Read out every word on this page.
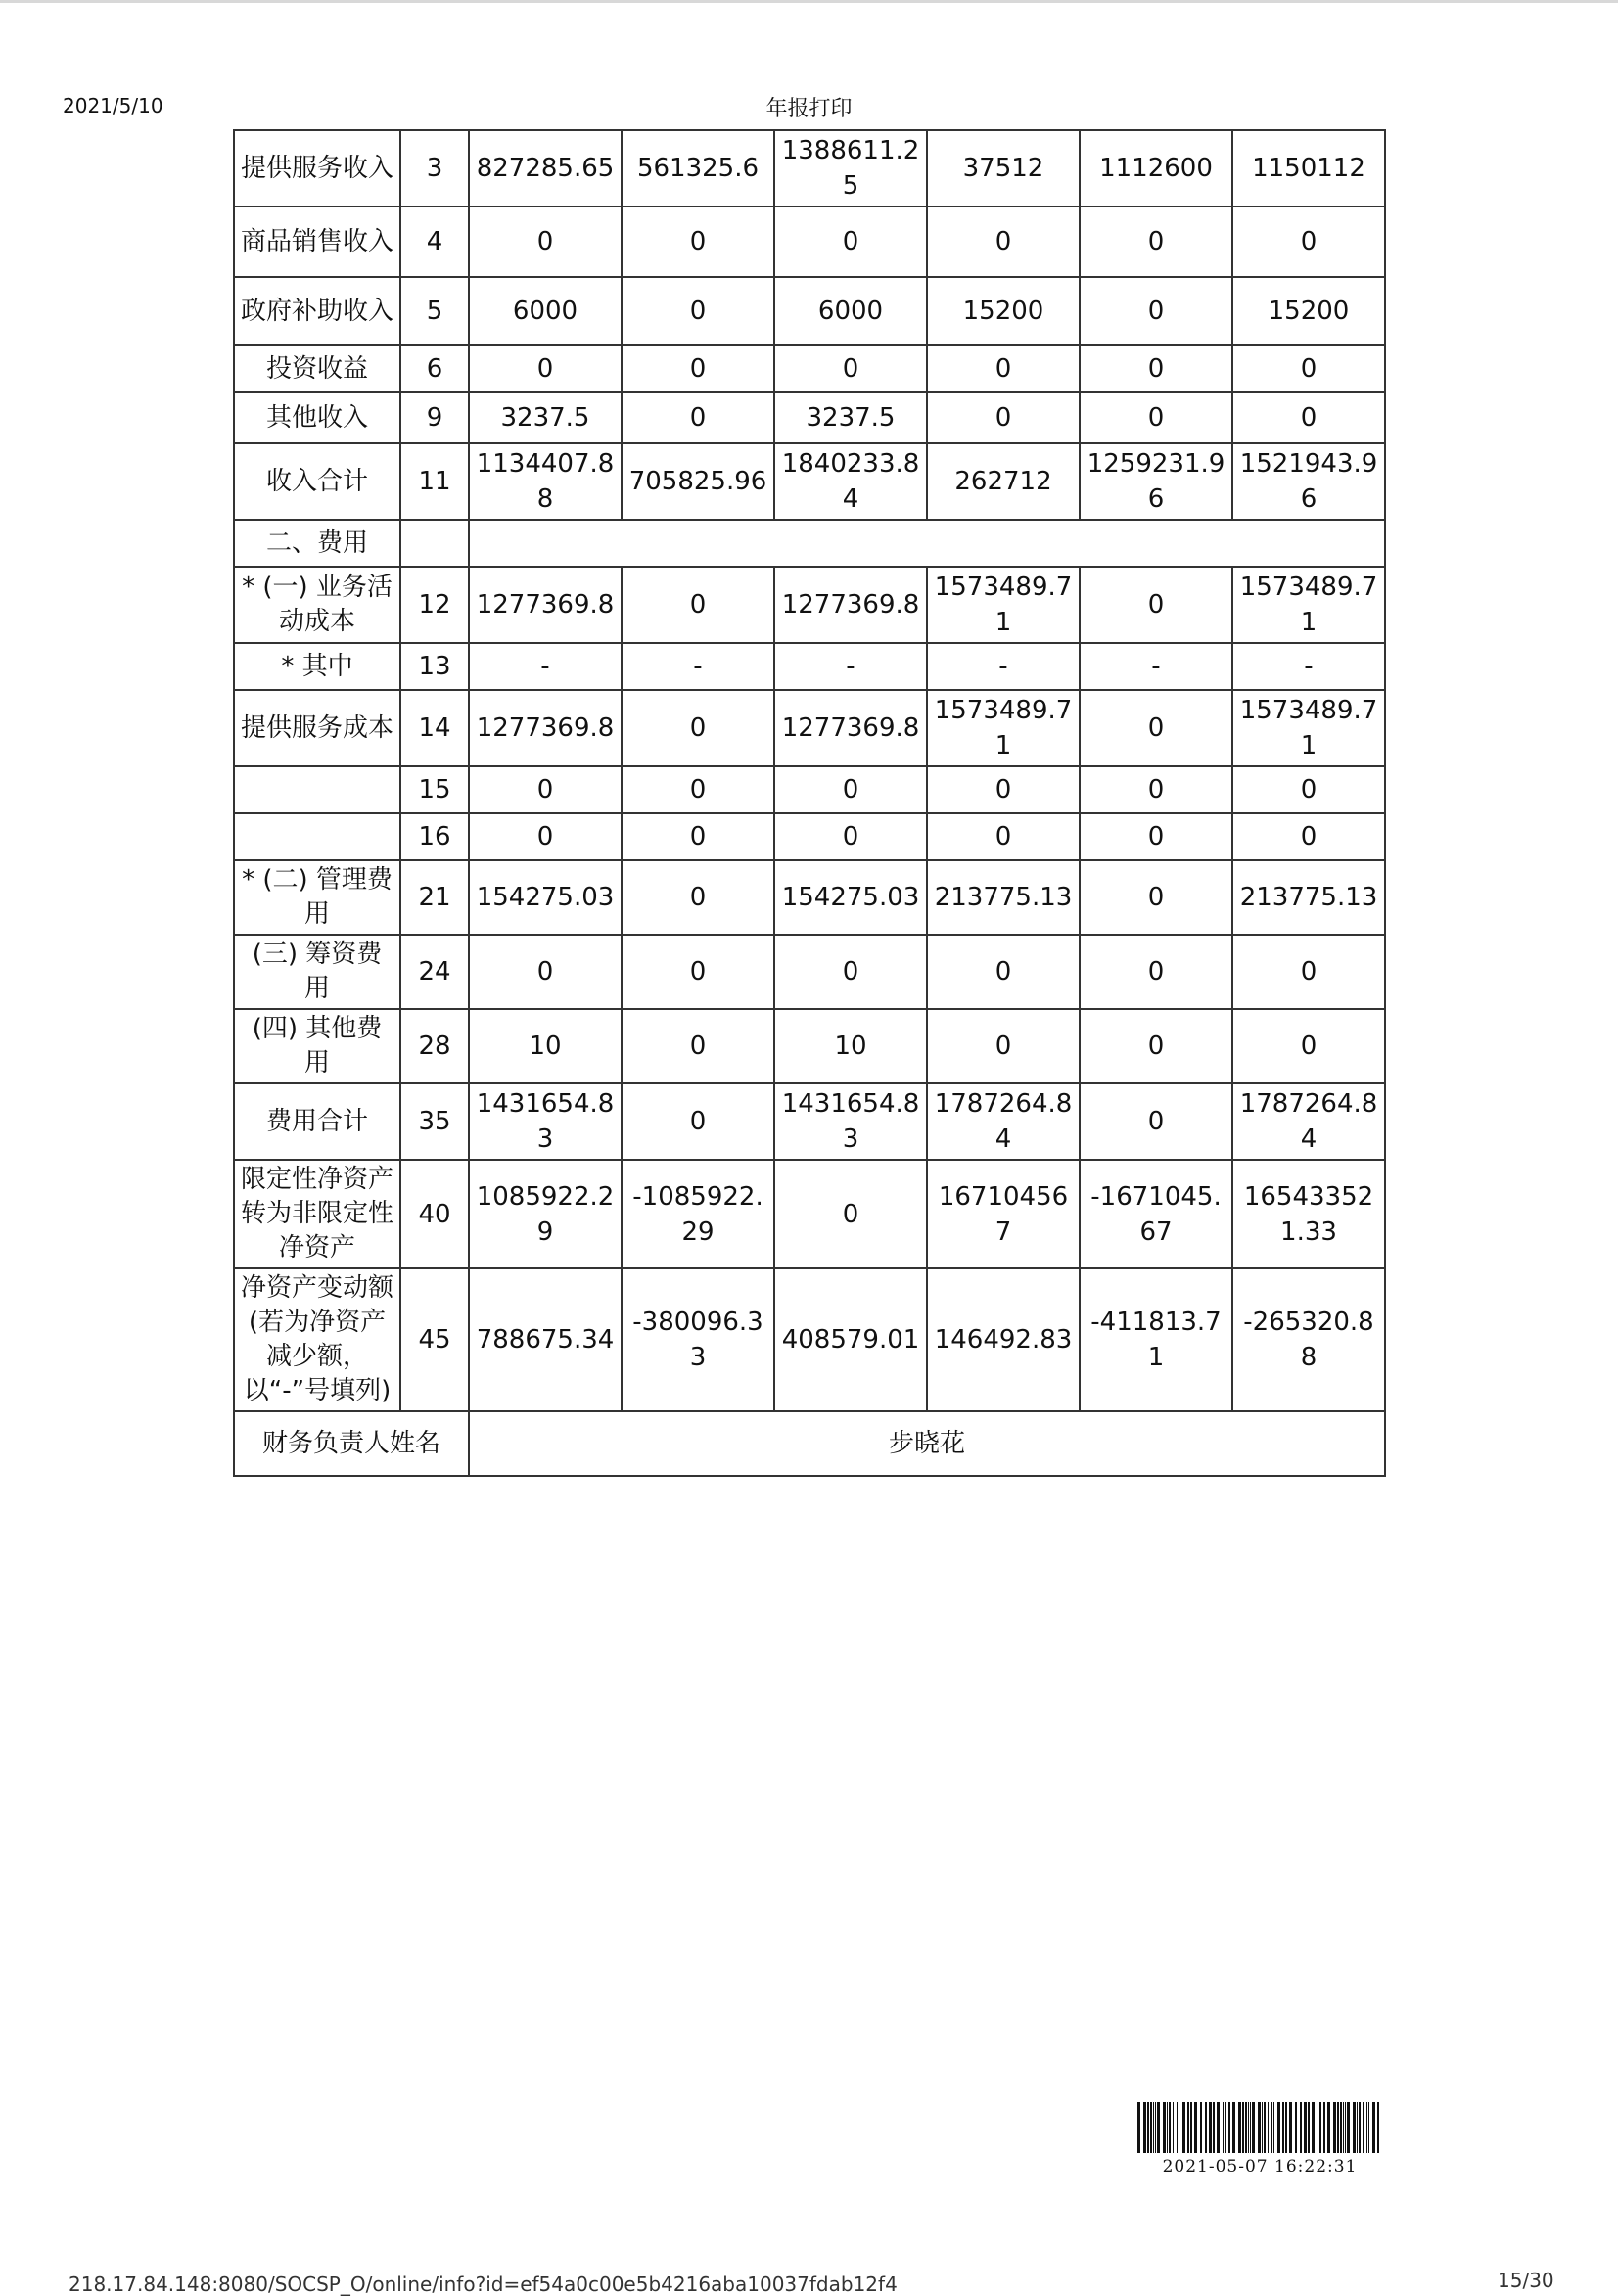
2021/5/10	年报打印
提供服务收入	3	827285.65	561325.6	1388611.25	37512	1112600	1150112
商品销售收入	4	0	0	0	0	0	0
政府补助收入	5	6000	0	6000	15200	0	15200
投资收益	6	0	0	0	0	0	0
其他收入	9	3237.5	0	3237.5	0	0	0
收入合计	11	1134407.88	705825.96	1840233.84	262712	1259231.96	1521943.96
二、费用							
* (一) 业务活动成本	12	1277369.8	0	1277369.8	1573489.71	0	1573489.71
* 其中	13	-	-	-	-	-	-
提供服务成本	14	1277369.8	0	1277369.8	1573489.71	0	1573489.71
	15	0	0	0	0	0	0
	16	0	0	0	0	0	0
* (二) 管理费用	21	154275.03	0	154275.03	213775.13	0	213775.13
(三) 筹资费用	24	0	0	0	0	0	0
(四) 其他费用	28	10	0	10	0	0	0
费用合计	35	1431654.83	0	1431654.83	1787264.84	0	1787264.84
限定性净资产转为非限定性净资产	40	1085922.29	-1085922.29	0	167104567	-1671045.67	165433521.33
净资产变动额 (若为净资产减少额，以“-”号填列)	45	788675.34	-380096.33	408579.01	146492.83	-411813.71	-265320.88
财务负责人姓名		步晓花					
2021-05-07 16:22:31
218.17.84.148:8080/SOCSP_O/online/info?id=ef54a0c00e5b4216aba10037fdab12f4	15/30
